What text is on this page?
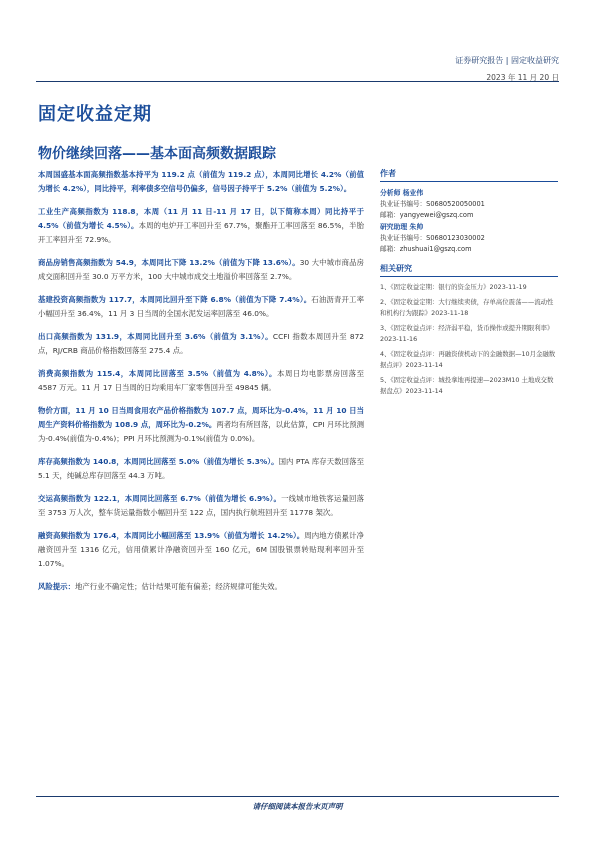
证券研究报告 | 固定收益研究
2023 年 11 月 20 日
固定收益定期
物价继续回落——基本面高频数据跟踪
本周国盛基本面高频指数基本持平为 119.2 点（前值为 119.2 点），本周同比增长 4.2%（前值为增长 4.2%），同比持平，利率债多空信号仍偏多，信号因子持平于 5.2%（前值为 5.2%）。
工业生产高频指数为 118.8，本周（11 月 11 日-11 月 17 日，以下简称本周）同比持平于 4.5%（前值为增长 4.5%）。本周的电炉开工率回升至 67.7%，聚酯开工率回落至 86.5%，半胎开工率回升至 72.9%。
商品房销售高频指数为 54.9，本周同比下降 13.2%（前值为下降 13.6%）。30 大中城市商品房成交面积回升至 30.0 万平方米，100 大中城市成交土地溢价率回落至 2.7%。
基建投资高频指数为 117.7，本周同比回升至下降 6.8%（前值为下降 7.4%）。石油沥青开工率小幅回升至 36.4%，11 月 3 日当周的全国水泥发运率回落至 46.0%。
出口高频指数为 131.9，本周同比回升至 3.6%（前值为 3.1%）。CCFI 指数本周回升至 872 点，RJ/CRB 商品价格指数回落至 275.4 点。
消费高频指数为 115.4，本周同比回落至 3.5%（前值为 4.8%）。本周日均电影票房回落至 4587 万元。11 月 17 日当周的日均乘用车厂家零售回升至 49845 辆。
物价方面，11 月 10 日当周食用农产品价格指数为 107.7 点，周环比为-0.4%，11 月 10 日当周生产资料价格指数为 108.9 点，周环比为-0.2%。两者均有所回落，以此估算，CPI 月环比预测为-0.4%(前值为-0.4%)；PPI 月环比预测为-0.1%(前值为 0.0%)。
库存高频指数为 140.8，本周同比回落至 5.0%（前值为增长 5.3%）。国内 PTA 库存天数回落至 5.1 天，纯碱总库存回落至 44.3 万吨。
交运高频指数为 122.1，本周同比回落至 6.7%（前值为增长 6.9%）。一线城市地铁客运量回落至 3753 万人次，整车货运量指数小幅回升至 122 点，国内执行航班回升至 11778 架次。
融资高频指数为 176.4，本周同比小幅回落至 13.9%（前值为增长 14.2%）。周内地方债累计净融资回升至 1316 亿元，信用债累计净融资回升至 160 亿元，6M 国股银票转贴现利率回升至 1.07%。
风险提示：地产行业不确定性；估计结果可能有偏差；经济规律可能失效。
作者
分析师 杨业伟
执业证书编号：S0680520050001
邮箱：yangyewei@gszq.com
研究助理 朱帅
执业证书编号：S0680123030002
邮箱：zhushuai1@gszq.com
相关研究
1、《固定收益定期：银行的资金压力》2023-11-19
2、《固定收益定期：大行继续卖债，存单高位震荡——流动性和机构行为跟踪》2023-11-18
3、《固定收益点评：经济弱平稳，货币操作或提升期限利率》2023-11-16
4、《固定收益点评：再融资债机动下的金融数据—10月金融数据点评》2023-11-14
5、《固定收益点评：城投拿地再提速—2023M10 土地成交数据盘点》2023-11-14
请仔细阅读本报告末页声明
